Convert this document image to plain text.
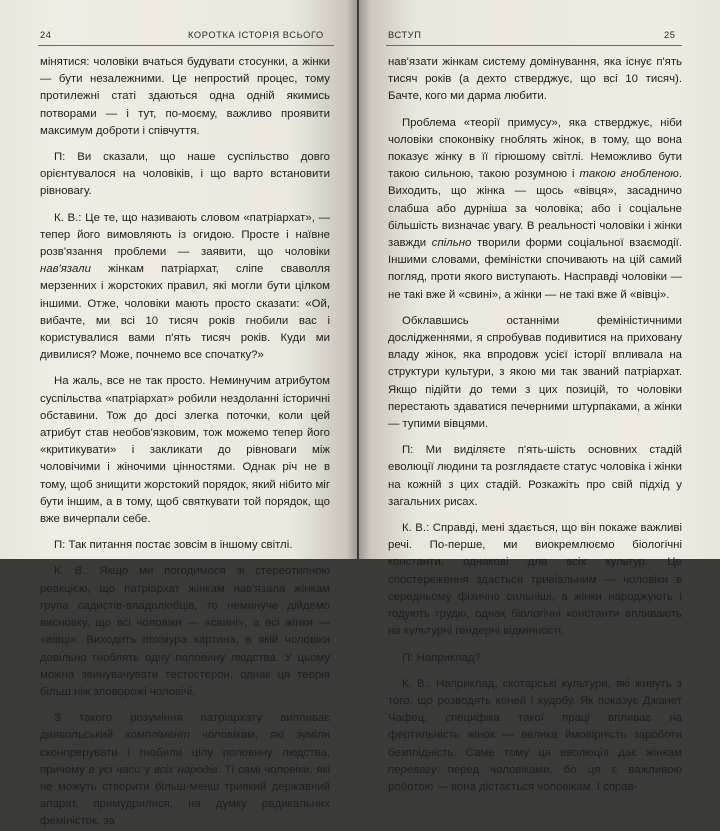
24	КОРОТКА ІСТОРІЯ ВСЬОГО

мінятися: чоловіки вчаться будувати стосунки, а жінки — бути незалежними. Це непростий процес, тому протилежні статі здаються одна одній якимись потворами — і тут, по-моєму, важливо проявити максимум доброти і співчуття.

П: Ви сказали, що наше суспільство довго орієнтувалося на чоловіків, і що варто встановити рівновагу.

К. В.: Це те, що називають словом «патріархат», — тепер його вимовляють із огидою. Просте і наївне розв'язання проблеми — заявити, що чоловіки нав'язали жінкам патріархат, сліпе сваволля мерзенних і жорстоких правил, які могли бути цілком іншими. Отже, чоловіки мають просто сказати: «Ой, вибачте, ми всі 10 тисяч років гнобили вас і користувалися вами п'ять тисяч років. Куди ми дивилися? Може, почнемо все спочатку?»

На жаль, все не так просто. Неминучим атрибутом суспільства «патріархат» робили нездоланні історичні обставини. Тож до досі злегка поточки, коли цей атрибут став необов'язковим, тож можемо тепер його «критикувати» і закликати до рівноваги між чоловічими і жіночими цінностями. Однак річ не в тому, щоб знищити жорстокий порядок, який нібито міг бути іншим, а в тому, щоб святкувати той порядок, що вже вичерпали себе.

П: Так питання постає зовсім в іншому світлі.

К. В.: Якщо ми погодимося зі стереотипною реакцією, що патріархат жінкам нав'язала жінкам група садистів-владолюбців, то неминуче дійдемо висновку, що всі чоловіки — «свині», а всі жінки — «вівці». Виходить похмура картина, в якій чоловіки довільно гноблять одну половину людства. У цьому можна звинувачувати тестостерон, однак ця теорія більш ніж зловорожі чоловічі.

З такого розуміння патріархату випливає диявольський комплімент чоловікам, які зуміли сконпрерувати і гнобили цілу половину людства, причому в усі часи у всіх народів. Ті самі чоловіки, які не можуть створити більш-менш тривкий державний апарат, примудрилися, на думку радикальних феміністок, за

ВСТУП	25

нав'язати жінкам систему домінування, яка існує п'ять тисяч років (а дехто стверджує, що всі 10 тисяч). Бачте, кого ми дарма любити.

Проблема «теорії примусу», яка стверджує, ніби чоловіки споконвіку гноблять жінок, в тому, що вона показує жінку в її гірюшому світлі. Неможливо бути такою сильною, такою розумною і такою гнобленою. Виходить, що жінка — щось «вівця», засадничо слабша або дурніша за чоловіка; або і соціальне більшість визначає увагу. В реальності чоловіки і жінки завжди спільно творили форми соціальної взаємодії. Іншими словами, феміністки спочивають на цій самий погляд, проти якого виступають. Насправді чоловіки — не такі вже й «свині», а жінки — не такі вже й «вівці».

Обклавшись останніми феміністичними дослідженнями, я спробував подивитися на приховану владу жінок, яка впродовж усієї історії впливала на структури культури, з якою ми так званий патріархат. Якщо підійти до теми з цих позицій, то чоловіки перестають здаватися печерними штурпаками, а жінки — тупими вівцями.

П: Ми виділяєте п'ять-шість основних стадій еволюції людини та розглядаєте статус чоловіка і жінки на кожній з цих стадій. Розкажіть про свій підхід у загальних рисах.

К. В.: Справді, мені здається, що він покаже важливі речі. По-перше, ми виокремлюємо біологічні константи, однакові для всіх культур. Це спостереження здається тривіальним — чоловіки в середньому фізично сильніші, а жінки народжують і годують грудю, однак біологічні константи впливають на культурні гендерні відмінності.

П: Наприклад?

К. В.: Наприклад, скотарські культури, які живуть з того, що розводять коней і худобу. Як показує Джанет Чафец, специфіка такої праці впливає на фертильність жінок — велика ймовірність зароботи безплідність. Саме тому ця еволюція дає жінкам перевагу перед чоловіками, бо ця є важливою роботою — вона дістається чоловікам. І справ-
